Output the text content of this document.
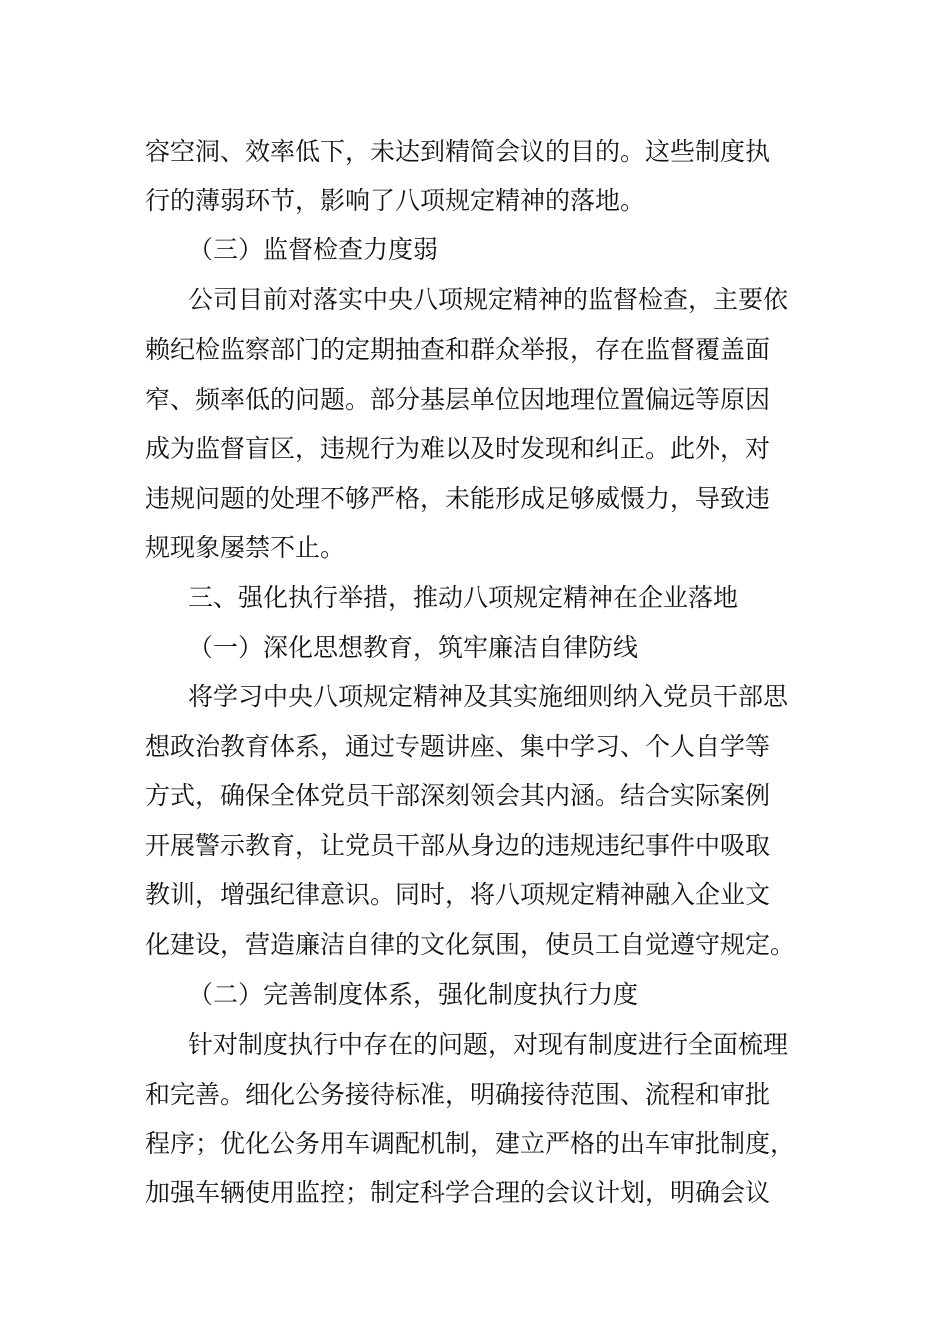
容空洞、效率低下，未达到精简会议的目的。这些制度执
行的薄弱环节，影响了八项规定精神的落地。
（三）监督检查力度弱
公司目前对落实中央八项规定精神的监督检查，主要依
赖纪检监察部门的定期抽查和群众举报，存在监督覆盖面
窄、频率低的问题。部分基层单位因地理位置偏远等原因
成为监督盲区，违规行为难以及时发现和纠正。此外，对
违规问题的处理不够严格，未能形成足够威慑力，导致违
规现象屡禁不止。
三、强化执行举措，推动八项规定精神在企业落地
（一）深化思想教育，筑牢廉洁自律防线
将学习中央八项规定精神及其实施细则纳入党员干部思
想政治教育体系，通过专题讲座、集中学习、个人自学等
方式，确保全体党员干部深刻领会其内涵。结合实际案例
开展警示教育，让党员干部从身边的违规违纪事件中吸取
教训，增强纪律意识。同时，将八项规定精神融入企业文
化建设，营造廉洁自律的文化氛围，使员工自觉遵守规定。
（二）完善制度体系，强化制度执行力度
针对制度执行中存在的问题，对现有制度进行全面梳理
和完善。细化公务接待标准，明确接待范围、流程和审批
程序；优化公务用车调配机制，建立严格的出车审批制度，
加强车辆使用监控；制定科学合理的会议计划，明确会议
